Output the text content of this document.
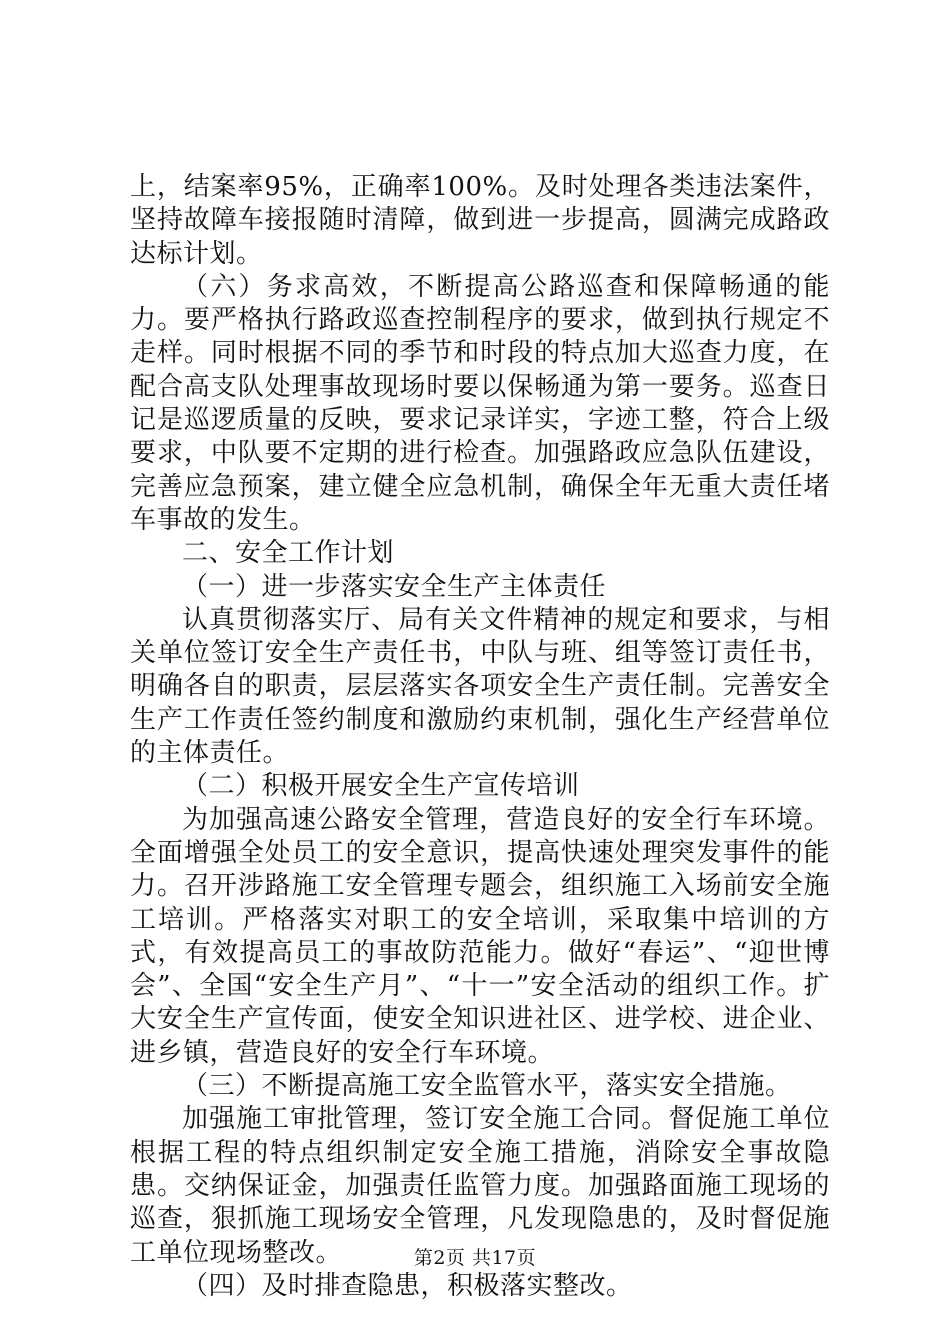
上，结案率95%，正确率100%。及时处理各类违法案件，坚持故障车接报随时清障，做到进一步提高，圆满完成路政达标计划。

（六）务求高效，不断提高公路巡查和保障畅通的能力。要严格执行路政巡查控制程序的要求，做到执行规定不走样。同时根据不同的季节和时段的特点加大巡查力度，在配合高支队处理事故现场时要以保畅通为第一要务。巡查日记是巡逻质量的反映，要求记录详实，字迹工整，符合上级要求，中队要不定期的进行检查。加强路政应急队伍建设，完善应急预案，建立健全应急机制，确保全年无重大责任堵车事故的发生。

二、安全工作计划

（一）进一步落实安全生产主体责任

认真贯彻落实厅、局有关文件精神的规定和要求，与相关单位签订安全生产责任书，中队与班、组等签订责任书，明确各自的职责，层层落实各项安全生产责任制。完善安全生产工作责任签约制度和激励约束机制，强化生产经营单位的主体责任。

（二）积极开展安全生产宣传培训

为加强高速公路安全管理，营造良好的安全行车环境。全面增强全处员工的安全意识，提高快速处理突发事件的能力。召开涉路施工安全管理专题会，组织施工入场前安全施工培训。严格落实对职工的安全培训，采取集中培训的方式，有效提高员工的事故防范能力。做好“春运”、“迎世博会”、全国“安全生产月”、“十一”安全活动的组织工作。扩大安全生产宣传面，使安全知识进社区、进学校、进企业、进乡镇，营造良好的安全行车环境。

（三）不断提高施工安全监管水平，落实安全措施。

加强施工审批管理，签订安全施工合同。督促施工单位根据工程的特点组织制定安全施工措施，消除安全事故隐患。交纳保证金，加强责任监管力度。加强路面施工现场的巡查，狠抓施工现场安全管理，凡发现隐患的，及时督促施工单位现场整改。

（四）及时排查隐患，积极落实整改。

第2页 共17页
